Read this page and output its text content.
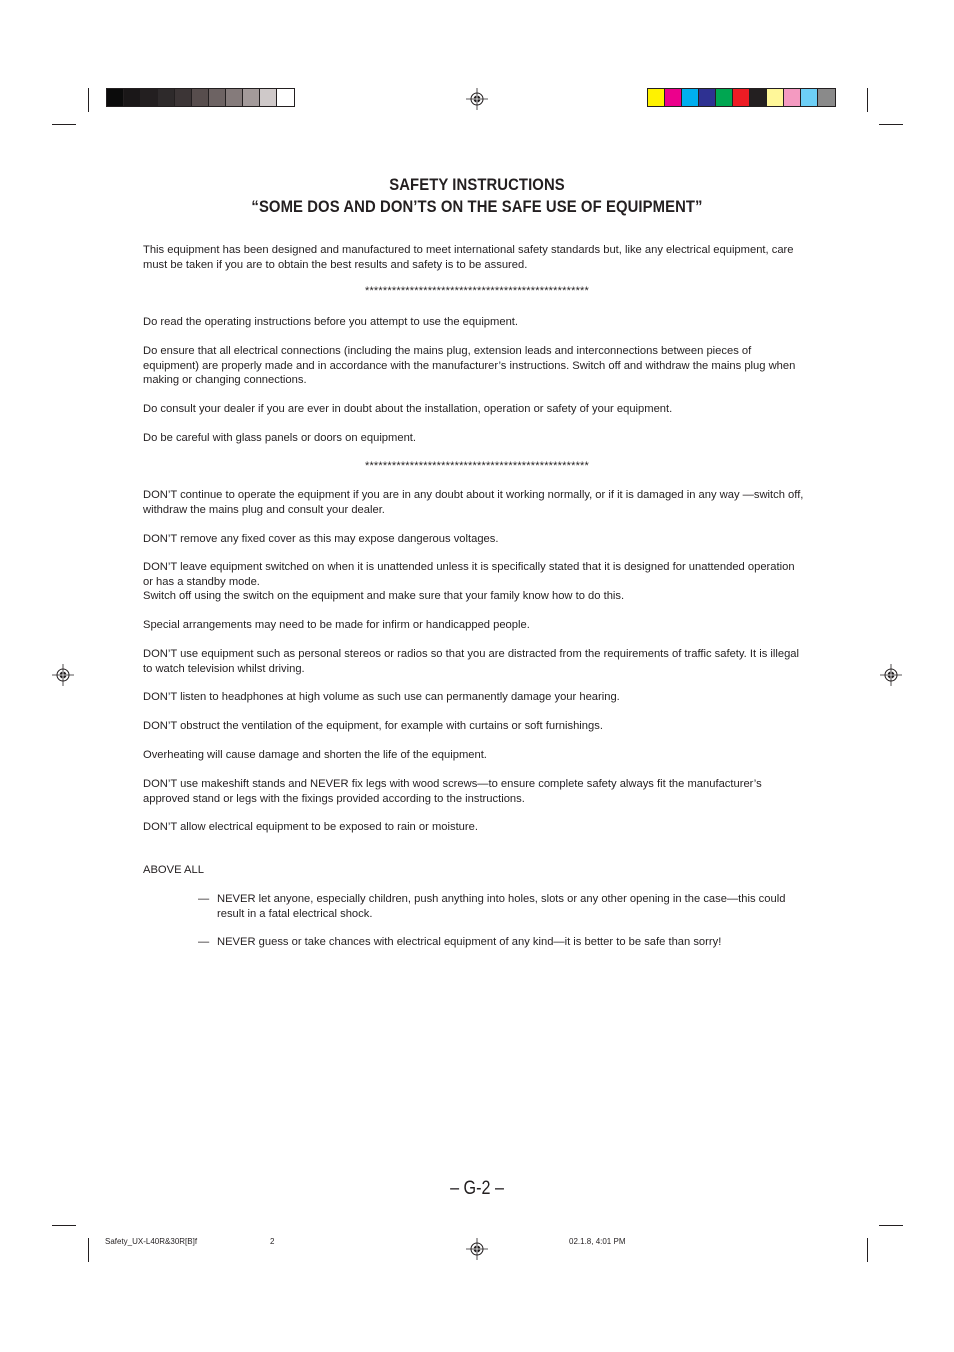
SAFETY INSTRUCTIONS
“SOME DOS AND DON’TS ON THE SAFE USE OF EQUIPMENT”
This equipment has been designed and manufactured to meet international safety standards but, like any electrical equipment, care must be taken if you are to obtain the best results and safety is to be assured.
**************************************************
Do read the operating instructions before you attempt to use the equipment.
Do ensure that all electrical connections (including the mains plug, extension leads and interconnections between pieces of equipment) are properly made and in accordance with the manufacturer’s instructions. Switch off and withdraw the mains plug when making or changing connections.
Do consult your dealer if you are ever in doubt about the installation, operation or safety of your equipment.
Do be careful with glass panels or doors on equipment.
**************************************************
DON’T continue to operate the equipment if you are in any doubt about it working normally, or if it is damaged in any way —switch off, withdraw the mains plug and consult your dealer.
DON’T remove any fixed cover as this may expose dangerous voltages.
DON’T leave equipment switched on when it is unattended unless it is specifically stated that it is designed for unattended operation or has a standby mode.
Switch off using the switch on the equipment and make sure that your family know how to do this.
Special arrangements may need to be made for infirm or handicapped people.
DON’T use equipment such as personal stereos or radios so that you are distracted from the requirements of traffic safety. It is illegal to watch television whilst driving.
DON’T listen to headphones at high volume as such use can permanently damage your hearing.
DON’T obstruct the ventilation of the equipment, for example with curtains or soft furnishings.
Overheating will cause damage and shorten the life of the equipment.
DON’T use makeshift stands and NEVER fix legs with wood screws—to ensure complete safety always fit the manufacturer’s approved stand or legs with the fixings provided according to the instructions.
DON’T allow electrical equipment to be exposed to rain or moisture.
ABOVE ALL
— NEVER let anyone, especially children, push anything into holes, slots or any other opening in the case—this could result in a fatal electrical shock.
— NEVER guess or take chances with electrical equipment of any kind—it is better to be safe than sorry!
– G-2 –
Safety_UX-L40R&30R[B]f	2	02.1.8, 4:01 PM
